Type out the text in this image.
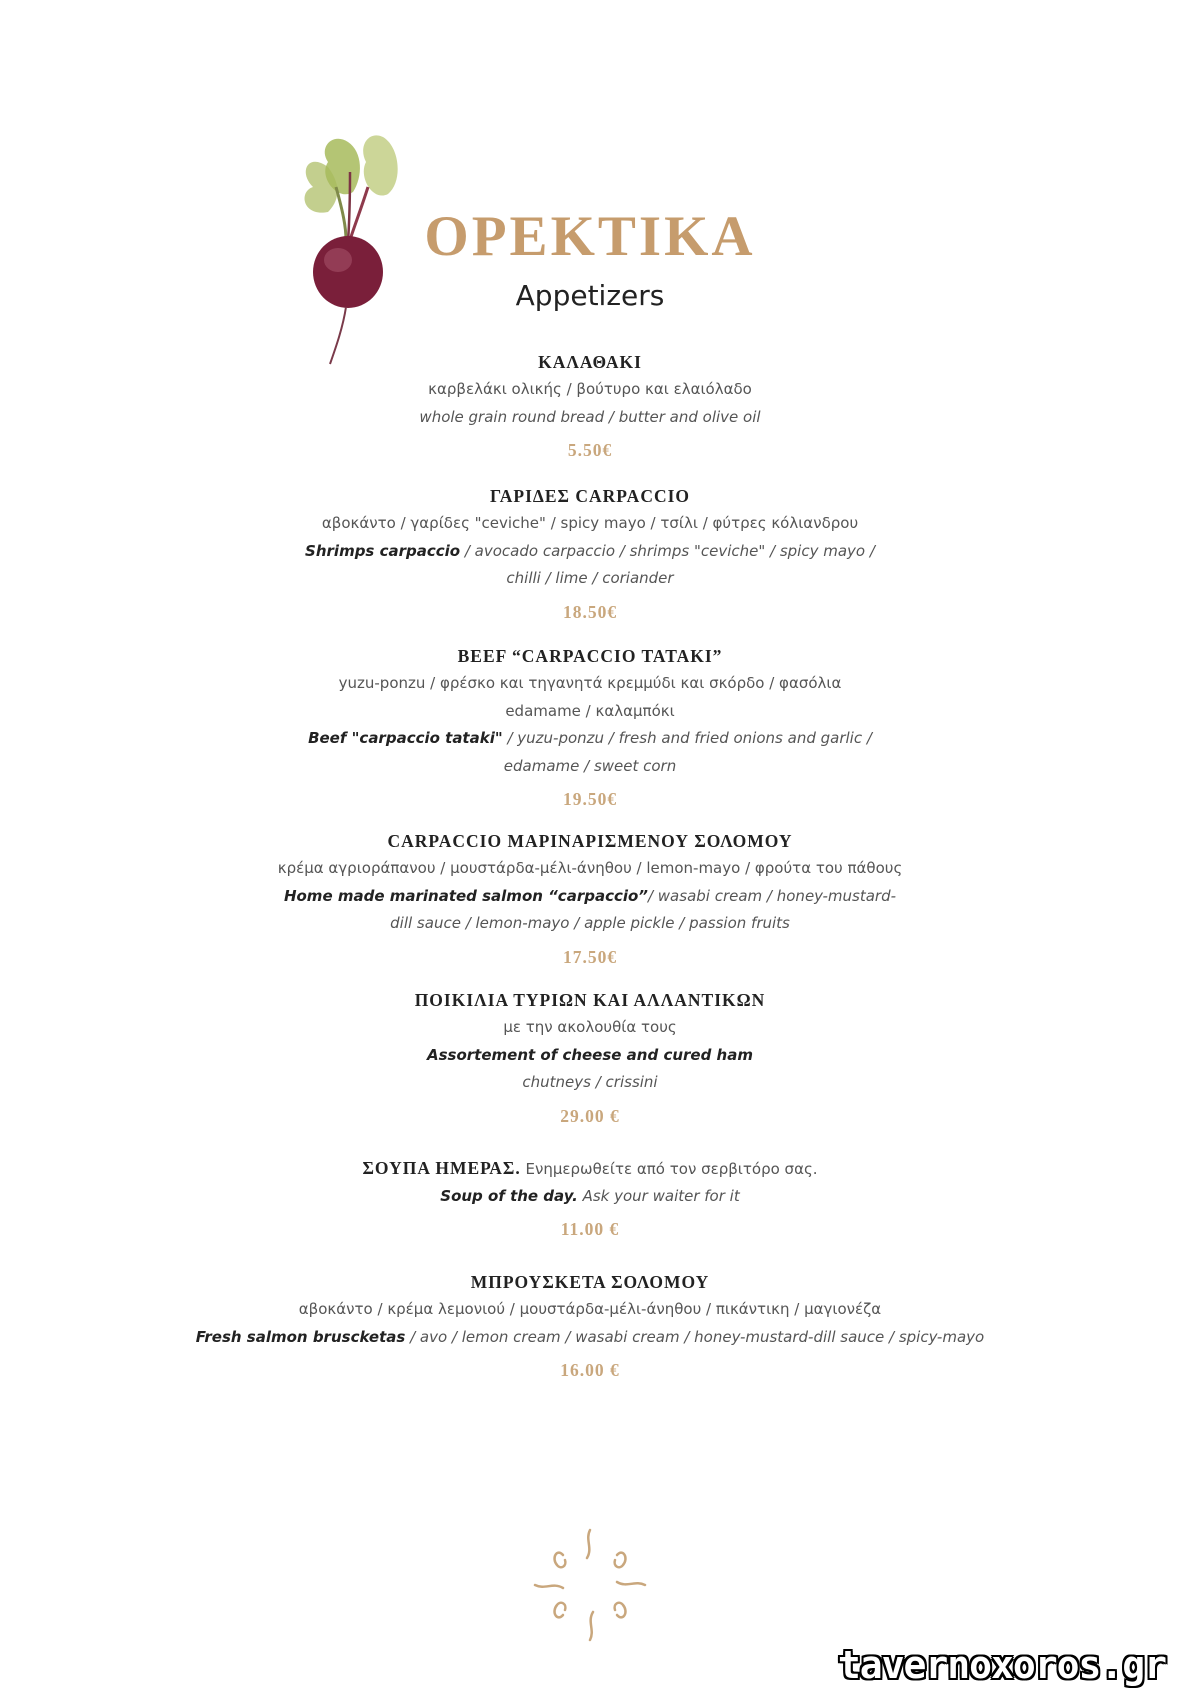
ΟΡΕΚΤΙΚΑ
Appetizers
ΚΑΛΑΘΑΚΙ
καρβελάκι ολικής / βούτυρο και ελαιόλαδο
whole grain round bread / butter and olive oil
5.50€
ΓΑΡΙΔΕΣ CARPACCIO
αβοκάντο / γαρίδες "ceviche" / spicy mayo / τσίλι / φύτρες κόλιανδρου
Shrimps carpaccio / avocado carpaccio / shrimps "ceviche" / spicy mayo /
chilli / lime / coriander
18.50€
BEEF “CARPACCIO TATAKI”
yuzu-ponzu / φρέσκο και τηγανητά κρεμμύδι και σκόρδο / φασόλια
edamame / καλαμπόκι
Beef "carpaccio tataki" / yuzu-ponzu / fresh and fried onions and garlic /
edamame / sweet corn
19.50€
CARPACCIO ΜΑΡΙΝΑΡΙΣΜΕΝΟΥ ΣΟΛΟΜΟΥ
κρέμα αγριοράπανου / μουστάρδα-μέλι-άνηθου / lemon-mayo / φρούτα του πάθους
Home made marinated salmon “carpaccio”/ wasabi cream / honey-mustard-
dill sauce / lemon-mayo / apple pickle / passion fruits
17.50€
ΠΟΙΚΙΛΙΑ ΤΥΡΙΩΝ ΚΑΙ ΑΛΛΑΝΤΙΚΩΝ
με την ακολουθία τους
Assortement of cheese and cured ham
chutneys / crissini
29.00 €
ΣΟΥΠΑ ΗΜΕΡΑΣ. Ενημερωθείτε από τον σερβιτόρο σας.
Soup of the day. Ask your waiter for it
11.00 €
ΜΠΡΟΥΣΚΕΤΑ ΣΟΛΟΜΟΥ
αβοκάντο / κρέμα λεμονιού / μουστάρδα-μέλι-άνηθου / πικάντικη / μαγιονέζα
Fresh salmon bruscketas / avo / lemon cream / wasabi cream / honey-mustard-dill sauce / spicy-mayo
16.00 €
tavernoxoros.gr
